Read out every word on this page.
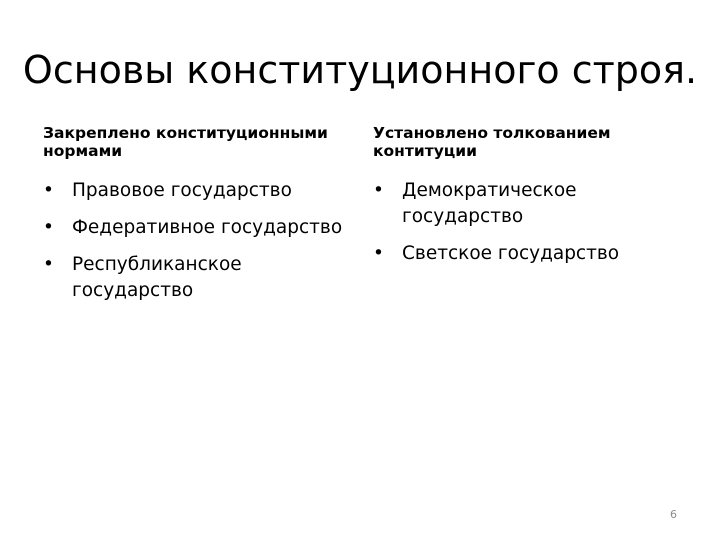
Основы конституционного строя.

Закреплено конституционными нормами

• Правовое государство
• Федеративное государство
• Республиканское государство

Установлено толкованием контитуции

• Демократическое государство
• Светское государство
6
